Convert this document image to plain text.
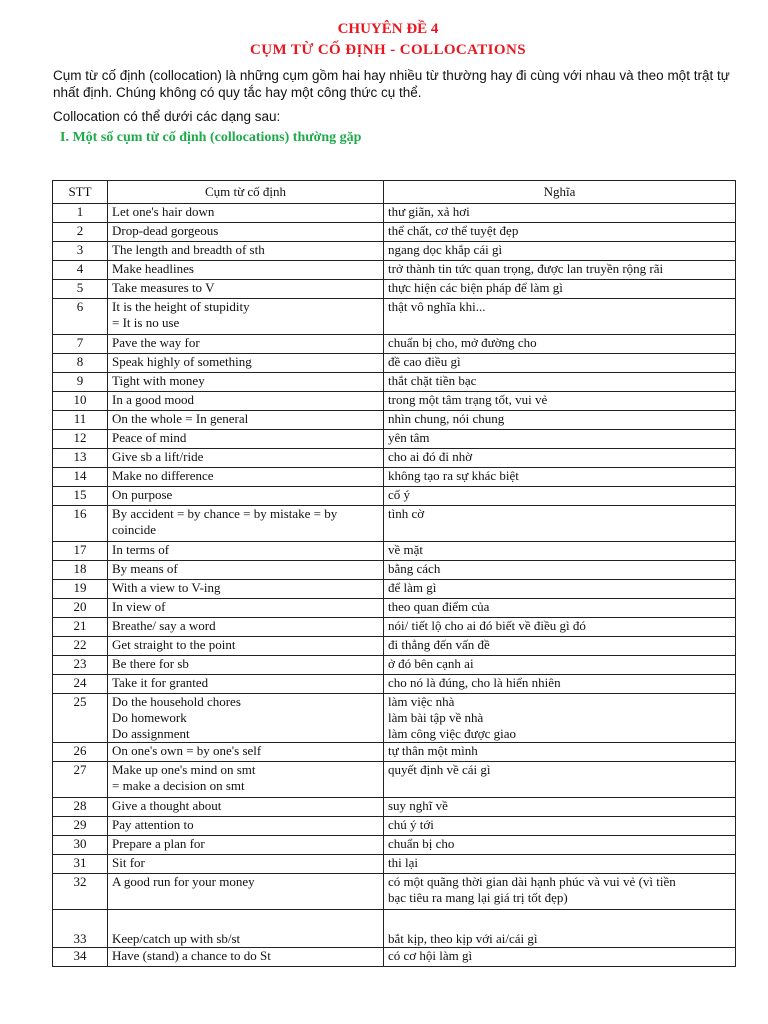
CHUYÊN ĐỀ 4
CỤM TỪ CỐ ĐỊNH - COLLOCATIONS

Cụm từ cố định (collocation) là những cụm gồm hai hay nhiều từ thường hay đi cùng với nhau và theo một trật tự nhất định. Chúng không có quy tắc hay một công thức cụ thể.

Collocation có thể dưới các dạng sau:

I. Một số cụm từ cố định (collocations) thường gặp
STT	Cụm từ cố định	Nghĩa
1	Let one's hair down	thư giãn, xả hơi

2	Drop-dead gorgeous	thể chất, cơ thể tuyệt đẹp

3	The length and breadth of sth	ngang dọc khắp cái gì

4	Make headlines	trở thành tin tức quan trọng, được lan truyền rộng rãi

5	Take measures to V	thực hiện các biện pháp để làm gì

6	It is the height of stupidity
= It is no use	thật vô nghĩa khi...

7	Pave the way for	chuẩn bị cho, mở đường cho

8	Speak highly of something	đề cao điều gì

9	Tight with money	thắt chặt tiền bạc

10	In a good mood	trong một tâm trạng tốt, vui vẻ

11	On the whole = In general	nhìn chung, nói chung

12	Peace of mind	yên tâm

13	Give sb a lift/ride	cho ai đó đi nhờ

14	Make no difference	không tạo ra sự khác biệt

15	On purpose	cố ý

16	By accident = by chance = by mistake = by
coincide	tình cờ

17	In terms of	về mặt

18	By means of	bằng cách

19	With a view to V-ing	để làm gì

20	In view of	theo quan điểm của

21	Breathe/ say a word	nói/ tiết lộ cho ai đó biết về điều gì đó

22	Get straight to the point	đi thẳng đến vấn đề

23	Be there for sb	ở đó bên cạnh ai

24	Take it for granted	cho nó là đúng, cho là hiển nhiên

25	Do the household chores
Do homework
Do assignment	làm việc nhà
làm bài tập về nhà
làm công việc được giao

26	On one's own = by one's self	tự thân một mình

27	Make up one's mind on smt
= make a decision on smt	quyết định về cái gì

28	Give a thought about	suy nghĩ về

29	Pay attention to	chú ý tới

30	Prepare a plan for	chuẩn bị cho

31	Sit for	thi lại

32	A good run for your money	có một quãng thời gian dài hạnh phúc và vui vẻ (vì tiền
bạc tiêu ra mang lại giá trị tốt đẹp)

33	Keep/catch up with sb/st	bắt kịp, theo kịp với ai/cái gì

34	Have (stand) a chance to do St	có cơ hội làm gì
